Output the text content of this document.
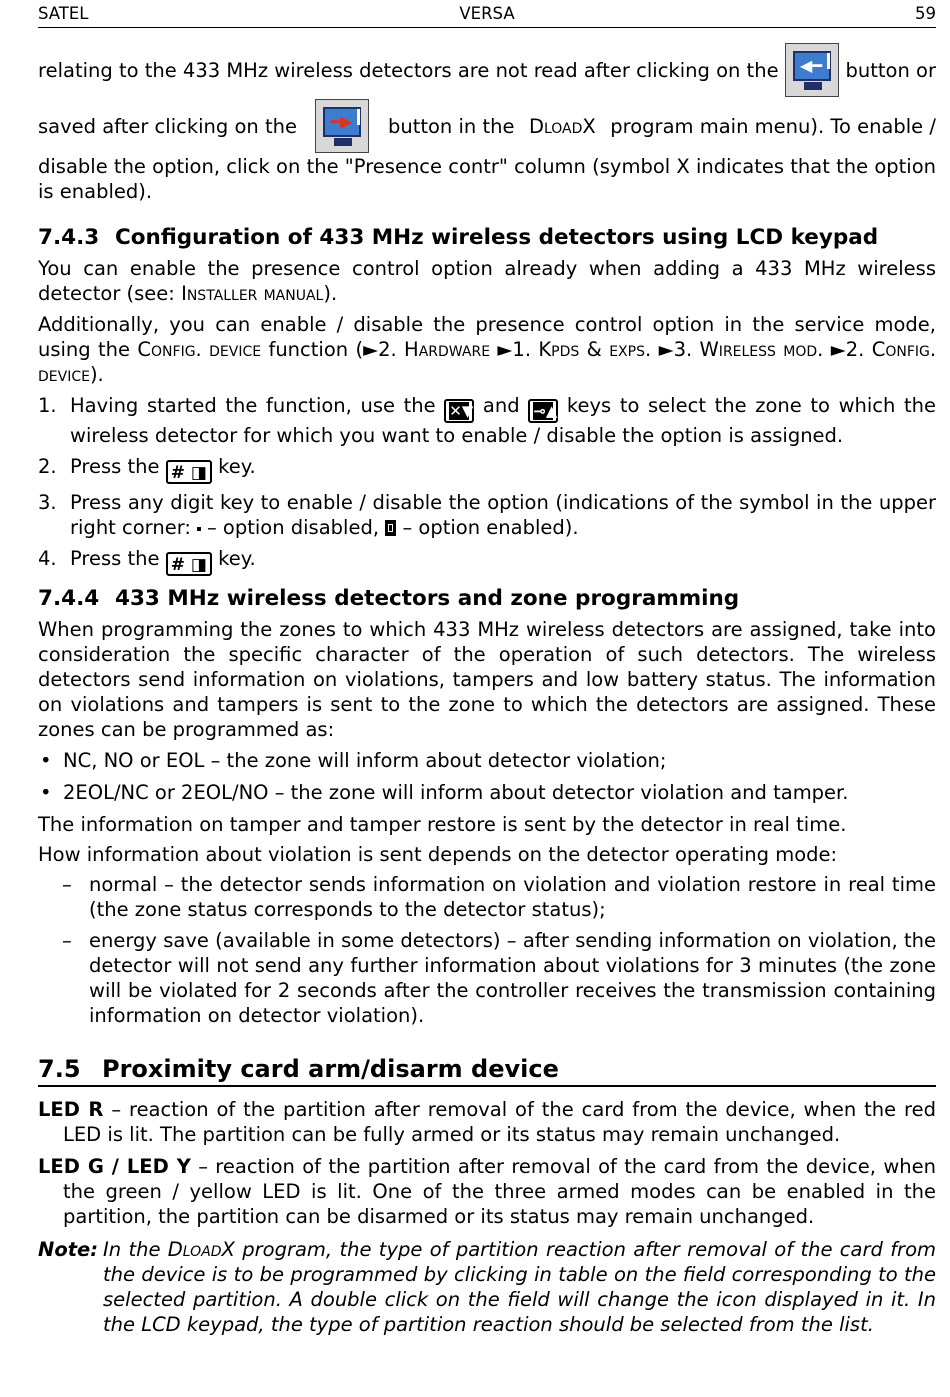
SATEL	VERSA	59
relating to the 433 MHz wireless detectors are not read after clicking on the ◀━ button or
saved after clicking on the ━▶ button in the DloadX program main menu). To enable /

disable the option, click on the "Presence contr" column (symbol X indicates that the option is enabled).

7.4.3 Configuration of 433 MHz wireless detectors using LCD keypad

You can enable the presence control option already when adding a 433 MHz wireless detector (see: Installer manual).

Additionally, you can enable / disable the presence control option in the service mode, using the Config. device function (►2. Hardware ►1. Kpds & exps. ►3. Wireless mod. ►2. Config. device).

1. Having started the function, use the ✕▼ and ⊸▲ keys to select the zone to which the wireless detector for which you want to enable / disable the option is assigned.
2. Press the # ◨ key.
3. Press any digit key to enable / disable the option (indications of the symbol in the upper right corner: – option disabled, – option enabled).
4. Press the # ◨ key.
7.4.4 433 MHz wireless detectors and zone programming

When programming the zones to which 433 MHz wireless detectors are assigned, take into consideration the specific character of the operation of such detectors. The wireless detectors send information on violations, tampers and low battery status. The information on violations and tampers is sent to the zone to which the detectors are assigned. These zones can be programmed as:

• NC, NO or EOL – the zone will inform about detector violation;
• 2EOL/NC or 2EOL/NO – the zone will inform about detector violation and tamper.

The information on tamper and tamper restore is sent by the detector in real time.

How information about violation is sent depends on the detector operating mode:

– normal – the detector sends information on violation and violation restore in real time (the zone status corresponds to the detector status);
– energy save (available in some detectors) – after sending information on violation, the detector will not send any further information about violations for 3 minutes (the zone will be violated for 2 seconds after the controller receives the transmission containing information on detector violation).
7.5 Proximity card arm/disarm device
LED R – reaction of the partition after removal of the card from the device, when the red LED is lit. The partition can be fully armed or its status may remain unchanged.
LED G / LED Y – reaction of the partition after removal of the card from the device, when the green / yellow LED is lit. One of the three armed modes can be enabled in the partition, the partition can be disarmed or its status may remain unchanged.
Note: In the DloadX program, the type of partition reaction after removal of the card from the device is to be programmed by clicking in table on the field corresponding to the selected partition. A double click on the field will change the icon displayed in it. In the LCD keypad, the type of partition reaction should be selected from the list.
